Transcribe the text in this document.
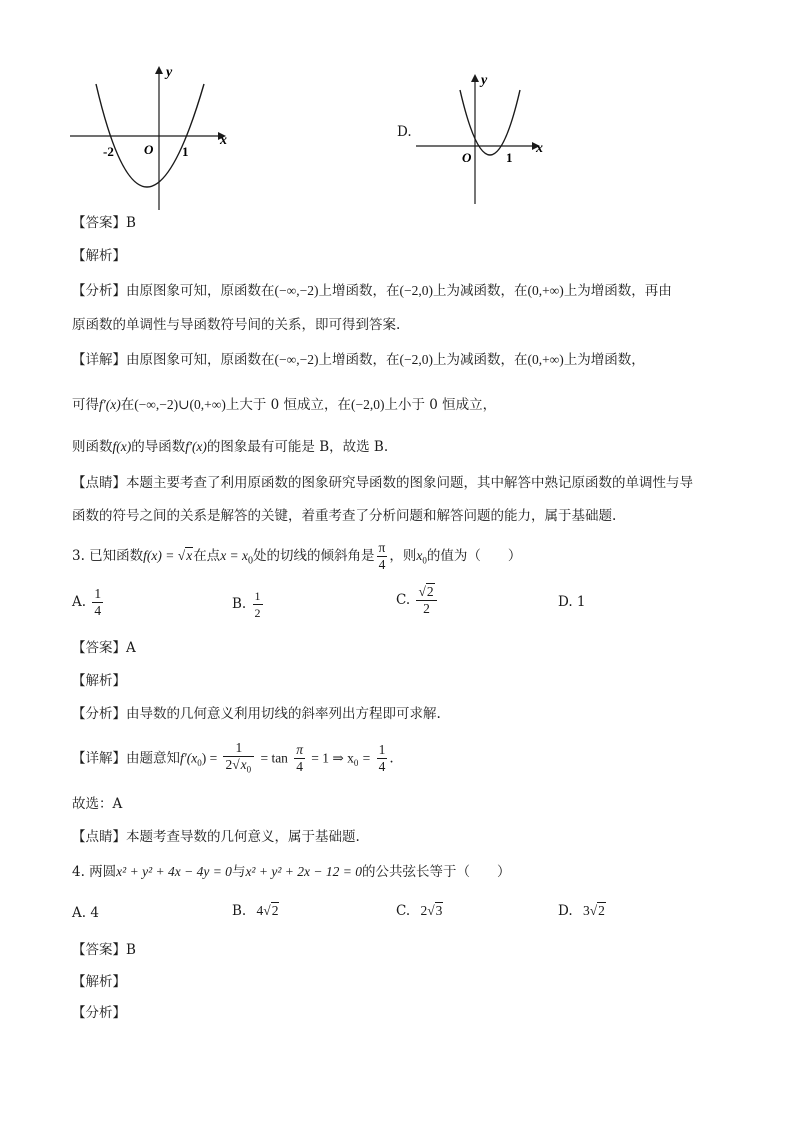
x
y
O
-2	1
D.
x
y
O	1
【答案】B
【解析】
【分析】由原图象可知，原函数在(−∞,−2)上增函数，在(−2,0)上为减函数，在(0,+∞)上为增函数，再由
原函数的单调性与导函数符号间的关系，即可得到答案.
【详解】由原图象可知，原函数在(−∞,−2)上增函数，在(−2,0)上为减函数，在(0,+∞)上为增函数，
可得f′(x)在(−∞,−2)∪(0,+∞)上大于 0 恒成立，在(−2,0)上小于 0 恒成立，
则函数f(x)的导函数f′(x)的图象最有可能是 B，故选 B.
【点睛】本题主要考查了利用原函数的图象研究导函数的图象问题，其中解答中熟记原函数的单调性与导
函数的符号之间的关系是解答的关键，着重考查了分析问题和解答问题的能力，属于基础题.
3. 已知函数f(x) = √x在点$x = x_0$处的切线的倾斜角是 $\frac{\pi}{4}$ ，则$x_0$的值为（　　）
A. $\frac{1}{4}$	B. $\frac{1}{2}$	C. $\frac{√2}{2}$	D. 1
【答案】A
【解析】
【分析】由导数的几何意义利用切线的斜率列出方程即可求解.
【详解】由题意知$f'(x_0) = \frac{1}{2√x_0} = \tan \frac{\pi}{4} = 1$ ⇒ $x_0 = \frac{1}{4}$ .
故选：A
【点睛】本题考查导数的几何意义，属于基础题.
4. 两圆x² + y² + 4x − 4y = 0与x² + y² + 2x − 12 = 0的公共弦长等于（　　）
A. 4	B. 4√2	C. 2√3	D. 3√2
【答案】B
【解析】
【分析】
